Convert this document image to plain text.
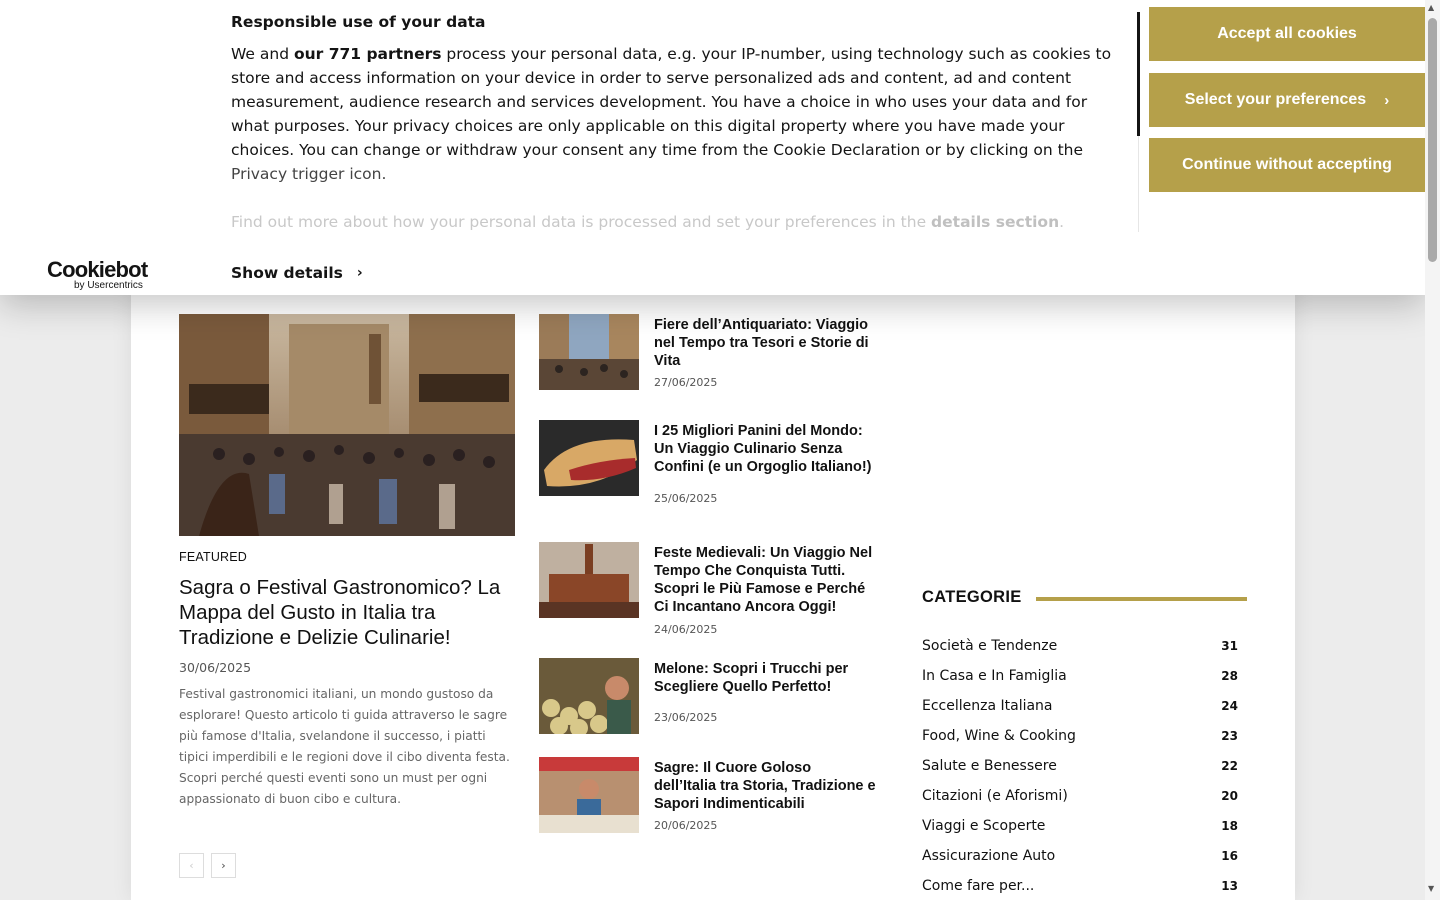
FEATURED
Sagra o Festival Gastronomico? La Mappa del Gusto in Italia tra Tradizione e Delizie Culinarie!
30/06/2025
Festival gastronomici italiani, un mondo gustoso da esplorare! Questo articolo ti guida attraverso le sagre più famose d'Italia, svelandone il successo, i piatti tipici imperdibili e le regioni dove il cibo diventa festa. Scopri perché questi eventi sono un must per ogni appassionato di buon cibo e cultura.
‹	›
Fiere dell’Antiquariato: Viaggio nel Tempo tra Tesori e Storie di Vita
27/06/2025
I 25 Migliori Panini del Mondo: Un Viaggio Culinario Senza Confini (e un Orgoglio Italiano!)
25/06/2025
Feste Medievali: Un Viaggio Nel Tempo Che Conquista Tutti. Scopri le Più Famose e Perché Ci Incantano Ancora Oggi!
24/06/2025
Melone: Scopri i Trucchi per Scegliere Quello Perfetto!
23/06/2025
Sagre: Il Cuore Goloso dell’Italia tra Storia, Tradizione e Sapori Indimenticabili
20/06/2025
CATEGORIE
Società e Tendenze	31
In Casa e In Famiglia	28
Eccellenza Italiana	24
Food, Wine & Cooking	23
Salute e Benessere	22
Citazioni (e Aforismi)	20
Viaggi e Scoperte	18
Assicurazione Auto	16
Come fare per...	13
Responsible use of your data
We and our 771 partners process your personal data, e.g. your IP-number, using technology such as cookies to store and access information on your device in order to serve personalized ads and content, ad and content measurement, audience research and services development. You have a choice in who uses your data and for what purposes. Your privacy choices are only applicable on this digital property where you have made your choices. You can change or withdraw your consent any time from the Cookie Declaration or by clicking on the Privacy trigger icon.
Find out more about how your personal data is processed and set your preferences in the details section.
Accept all cookies
Select your preferences ›
Continue without accepting
Cookiebot
by Usercentrics
Show details ›
▲
▼
